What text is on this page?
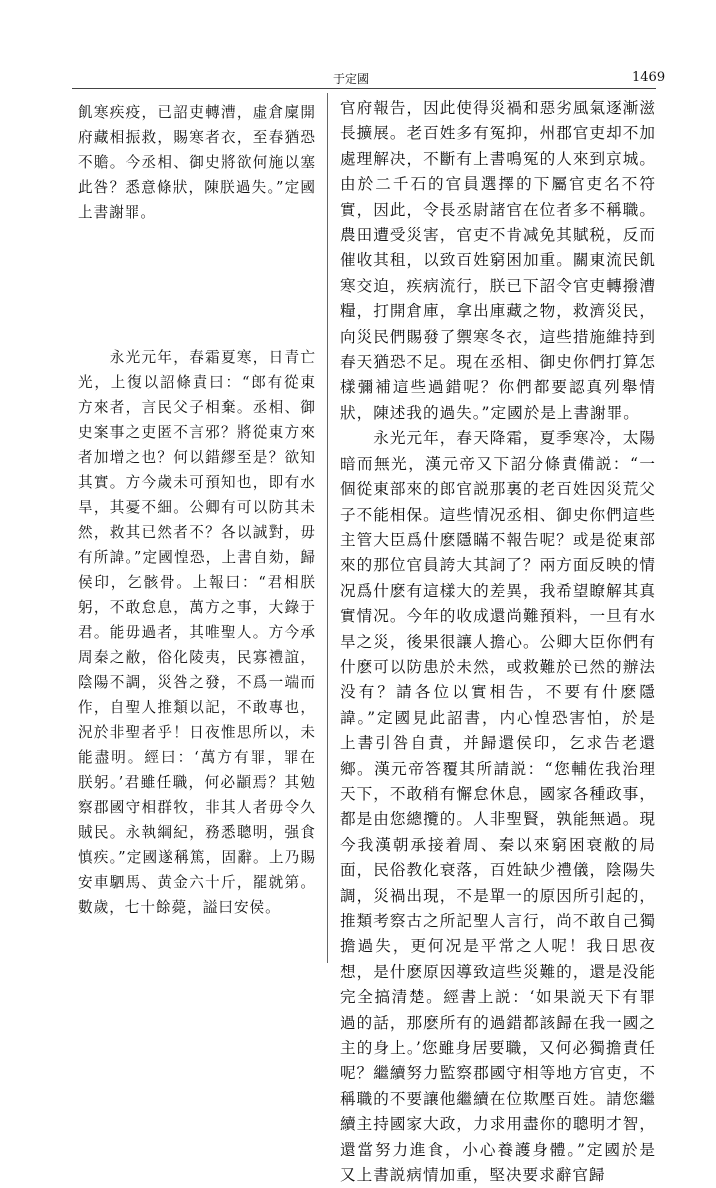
于定國	1469

飢寒疾疫，已詔吏轉漕，虛倉廩開府藏相振救，賜寒者衣，至春猶恐不贍。今丞相、御史將欲何施以塞此咎？悉意條狀，陳朕過失。”定國上書謝罪。

　　永光元年，春霜夏寒，日青亡光，上復以詔條責曰：“郎有從東方來者，言民父子相棄。丞相、御史案事之吏匿不言邪？將從東方來者加增之也？何以錯繆至是？欲知其實。方今歲未可預知也，即有水旱，其憂不細。公卿有可以防其未然，救其已然者不？各以誠對，毋有所諱。”定國惶恐，上書自劾，歸侯印，乞骸骨。上報曰：“君相朕躬，不敢怠息，萬方之事，大錄于君。能毋過者，其唯聖人。方今承周秦之敝，俗化陵夷，民寡禮誼，陰陽不調，災咎之發，不爲一端而作，自聖人推類以記，不敢專也，況於非聖者乎！日夜惟思所以，未能盡明。經曰：‘萬方有罪，罪在朕躬。’君雖任職，何必顓焉？其勉察郡國守相群牧，非其人者毋令久賊民。永執綱紀，務悉聰明，强食慎疾。”定國遂稱篤，固辭。上乃賜安車駟馬、黄金六十斤，罷就第。數歲，七十餘薨，謚曰安侯。

官府報告，因此使得災禍和惡劣風氣逐漸滋長擴展。老百姓多有冤抑，州郡官吏却不加處理解决，不斷有上書鳴冤的人來到京城。由於二千石的官員選擇的下屬官吏名不符實，因此，令長丞尉諸官在位者多不稱職。農田遭受災害，官吏不肯减免其賦税，反而催收其租，以致百姓窮困加重。關東流民飢寒交迫，疾病流行，朕已下詔令官吏轉撥漕糧，打開倉庫，拿出庫藏之物，救濟災民，向災民們賜發了禦寒冬衣，這些措施維持到春天猶恐不足。現在丞相、御史你們打算怎樣彌補這些過錯呢？你們都要認真列舉情狀，陳述我的過失。”定國於是上書謝罪。

　　永光元年，春天降霜，夏季寒冷，太陽暗而無光，漢元帝又下詔分條責備説：“一個從東部來的郎官説那裏的老百姓因災荒父子不能相保。這些情况丞相、御史你們這些主管大臣爲什麽隱瞞不報告呢？或是從東部來的那位官員誇大其詞了？兩方面反映的情况爲什麽有這樣大的差異，我希望瞭解其真實情况。今年的收成還尚難預料，一旦有水旱之災，後果很讓人擔心。公卿大臣你們有什麽可以防患於未然，或救難於已然的辦法没有？請各位以實相告，不要有什麽隱諱。”定國見此詔書，内心惶恐害怕，於是上書引咎自責，并歸還侯印，乞求告老還鄉。漢元帝答覆其所請説：“您輔佐我治理天下，不敢稍有懈怠休息，國家各種政事，都是由您總攬的。人非聖賢，孰能無過。現今我漢朝承接着周、秦以來窮困衰敝的局面，民俗教化衰落，百姓缺少禮儀，陰陽失調，災禍出現，不是單一的原因所引起的，推類考察古之所記聖人言行，尚不敢自己獨擔過失，更何况是平常之人呢！我日思夜想，是什麽原因導致這些災難的，還是没能完全搞清楚。經書上説：‘如果説天下有罪過的話，那麽所有的過錯都該歸在我一國之主的身上。’您雖身居要職，又何必獨擔責任呢？繼續努力監察郡國守相等地方官吏，不稱職的不要讓他繼續在位欺壓百姓。請您繼續主持國家大政，力求用盡你的聰明才智，還當努力進食，小心養護身體。”定國於是又上書説病情加重，堅决要求辭官歸
